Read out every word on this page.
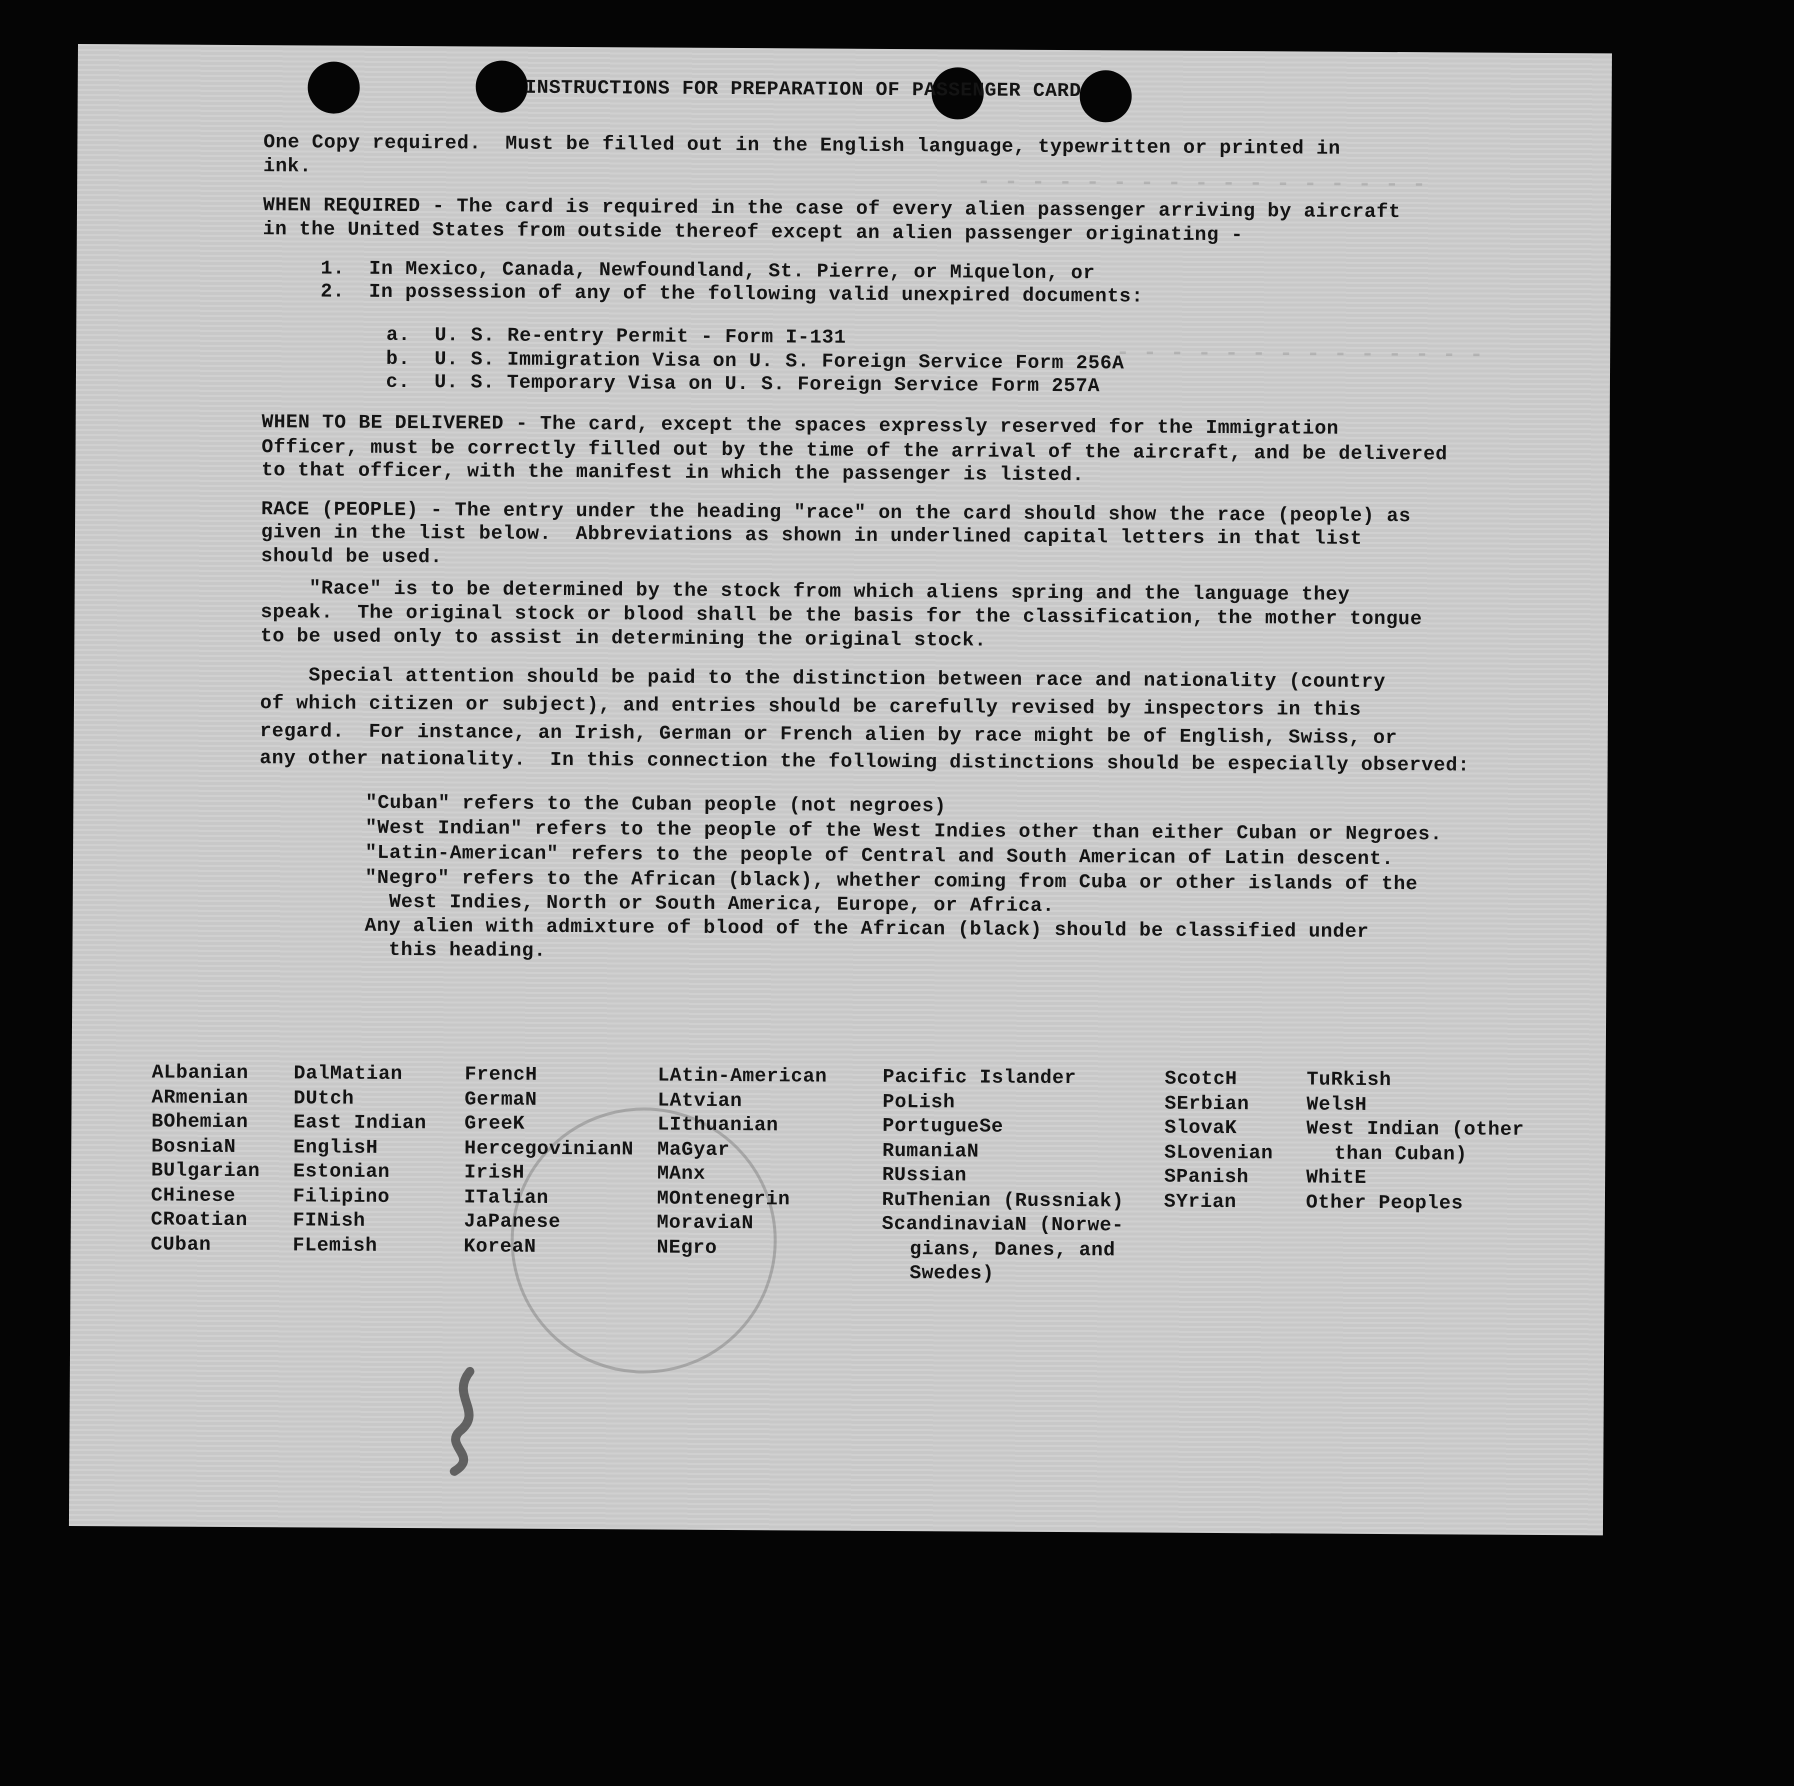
- - - - - - - - - - - - - - - - -
- - - - - - - - - - - - - -
INSTRUCTIONS FOR PREPARATION OF PASSENGER CARD
One Copy required.  Must be filled out in the English language, typewritten or printed in
ink.
WHEN REQUIRED - The card is required in the case of every alien passenger arriving by aircraft
in the United States from outside thereof except an alien passenger originating -
1.  In Mexico, Canada, Newfoundland, St. Pierre, or Miquelon, or
2.  In possession of any of the following valid unexpired documents:
a.  U. S. Re-entry Permit - Form I-131
b.  U. S. Immigration Visa on U. S. Foreign Service Form 256A
c.  U. S. Temporary Visa on U. S. Foreign Service Form 257A
WHEN TO BE DELIVERED - The card, except the spaces expressly reserved for the Immigration
Officer, must be correctly filled out by the time of the arrival of the aircraft, and be delivered
to that officer, with the manifest in which the passenger is listed.
RACE (PEOPLE) - The entry under the heading "race" on the card should show the race (people) as
given in the list below.  Abbreviations as shown in underlined capital letters in that list
should be used.
"Race" is to be determined by the stock from which aliens spring and the language they
speak.  The original stock or blood shall be the basis for the classification, the mother tongue
to be used only to assist in determining the original stock.
Special attention should be paid to the distinction between race and nationality (country
of which citizen or subject), and entries should be carefully revised by inspectors in this
regard.  For instance, an Irish, German or French alien by race might be of English, Swiss, or
any other nationality.  In this connection the following distinctions should be especially observed:
"Cuban" refers to the Cuban people (not negroes)
"West Indian" refers to the people of the West Indies other than either Cuban or Negroes.
"Latin-American" refers to the people of Central and South American of Latin descent.
"Negro" refers to the African (black), whether coming from Cuba or other islands of the
West Indies, North or South America, Europe, or Africa.
Any alien with admixture of blood of the African (black) should be classified under
this heading.
ALbanian
ARmenian
BOhemian
BosniaN
BUlgarian
CHinese
CRoatian
CUban
DalMatian
DUtch
East Indian
EnglisH
Estonian
Filipino
FINish
FLemish
FrencH
GermaN
GreeK
HercegovinianN
IrisH
ITalian
JaPanese
KoreaN
LAtin-American
LAtvian
LIthuanian
MaGyar
MAnx
MOntenegrin
MoraviaN
NEgro
Pacific Islander
PoLish
PortugueSe
RumaniaN
RUssian
RuThenian (Russniak)
ScandinaviaN (Norwe-
gians, Danes, and
Swedes)
ScotcH
SErbian
SlovaK
SLovenian
SPanish
SYrian
TuRkish
WelsH
West Indian (other
than Cuban)
WhitE
Other Peoples
